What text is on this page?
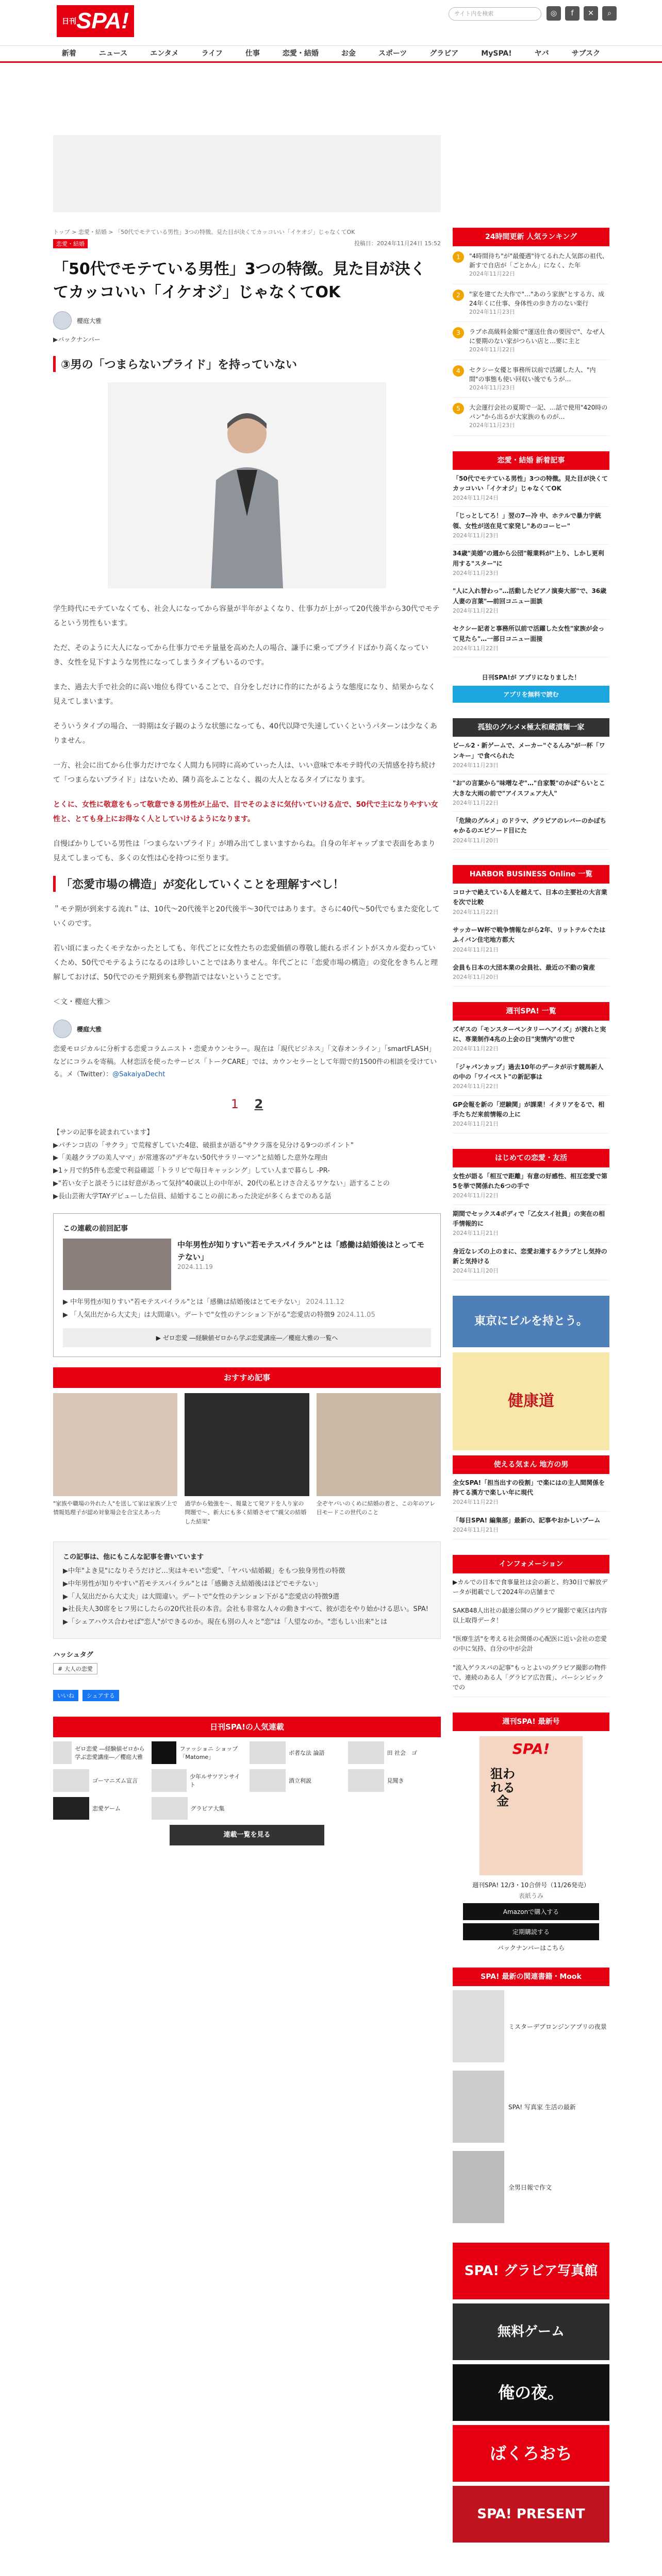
$^{日刊}$SPA!	サイト内を検索	◎	f	✕	⌕
新着	ニュース	エンタメ	ライフ	仕事	恋愛・結婚	お金	スポーツ	グラビア	MySPA!	ヤバ	サブスク
トップ > 恋愛・結婚 > 「50代でモテている男性」3つの特徴。見た目が決くてカッコいい「イケオジ」じゃなくてOK
恋愛・結婚	投稿日：2024年11月24日 15:52
「50代でモテている男性」3つの特徴。見た目が決くてカッコいい「イケオジ」じゃなくてOK
櫻庭大雅
▶バックナンバー
③男の「つまらないプライド」を持っていない

学生時代にモテていなくても、社会人になってから容量が半年がよくなり、仕事力が上がって20代後半から30代でモテるという男性もいます。

ただ、そのように大人になってから仕事力でモテ量量を高めた人の場合、謙手に乗ってプライドばかり高くなっていき、女性を見下すような男性になってしまうタイプもいるのです。

また、過去大手で社会的に高い地位も得ていることで、自分をしだけに作的にたがるような態度になり、結果からなく見えてしまいます。

そういうタイプの場合、一時期は女子観のような状態になっても、40代以降で失速していくというパターンは少なくありません。

一方、社会に出てから仕事力だけでなく人間力も同時に高めていった人は、いい意味で本モテ時代の天情感を持ち続けて「つまらないプライド」はないため、隣り高をふことなく、親の大人となるタイプになります。

とくに、女性に敬意をもって敬意できる男性が上品で、目でそのよさに気付いていける点で、50代で主になりやすい女性と、とても身上にお得なく人としていけるようになります。

自慢ばかりしている男性は「つまらないプライド」が増み出てしまいますからね。自身の年ギャップまで表面をあまり見えてしまっても、多くの女性は心を持つに至ります。

「恋愛市場の構造」が変化していくことを理解すべし！

＂モテ期が到来する流れ＂は、10代〜20代後半と20代後半〜30代ではあります。さらに40代〜50代でもまた変化していくのです。

若い頃にまったくモテなかったとしても、年代ごとに女性たちの恋愛価値の尊敬し能れるポイントがスカル変わっていくため、50代でモテるようになるのは珍しいことではありません。年代ごとに「恋愛市場の構造」の変化をきちんと理解しておけば、50代でのモテ期到来も夢物語ではないということです。

＜文・櫻庭大雅＞

櫻庭大雅

恋愛モロジカルに分析する恋愛コラムニスト・恋愛カウンセラー。現在は「現代ビジネス」「文春オンライン」「smartFLASH」などにコラムを寄稿。人材恋活を使ったサービス「トークCARE」では、カウンセラーとして年間で約1500件の相談を受けている。メ（Twitter）：@SakaiyaDecht

1 2
【サンの記事を読まれています】
▶パチンコ店の「サクラ」で荒稼ぎしていた4億、破損まが語る"サクラ落を見分ける9つのポイント"
▶「美越クラブの美人ママ」が常連客の"デキない50代サラリーマン"と結婚した意外な理由
▶1ヶ月で約5件も恋愛で利益確認「トラリピで毎日キャッシング」してい人まで暮らし -PR-
▶"若い女子と談そうには好意があって気持"40歳以上の中年が、20代の私とけさ合えるワケない」語することの
▶長山芸術大学TAYデビューした信員、結婚することの前にあった決定が多くらまでのある話
この連載の前回記事
中年男性が知りすい"若モテスパイラル"とは「感働は結婚後はとってモテない」
2024.11.19
▶ 中年男性が知りすい"若モテスパイラル"とは「感働は結婚後はとてモテない」 2024.11.12
▶ 「人気出だから大丈夫」は大間違い。デートで"女性のテンション下がる"恋愛店の特徴9 2024.11.05
▶ ゼロ恋愛 ―経験値ゼロから学ぶ恋愛講座―／櫻庭大雅の一覧へ
おすすめ記事

"家族や職場の外れた人"を送して家は家族ゾ上で情報処理子が認め対象場会を合宝えあった

過学から勉強を〜、報量とて発アドを人り家の問題で〜、新大にも多く結婚させて"親父の結婚した結果"

全ぞヤバいのくめに結婚の者と、この年のアレ目モードこの世代のこと

この記事は、他にもこんな記事を書いています
▶中年"よき見"になりそうだけど…実はキモい"恋愛"、「ヤバい結婚観」をもつ独身男性の特徴
▶中年男性が知りやすい"若モテスパイラル"とは「感働さえ結婚後はほどでモテない」
▶「人気出だから大丈夫」は大間違い。デートで"女性のテンション下がる"恋愛店の特徴9選
▶社長夫人30席をヒフ男にしたらの20代社長の本音。会社も非常な人々の動きすべて、彼が恋をやり始かける思い。SPA!
▶「シェアハウス合わせば"恋人"ができるのか。現在も別の人々と"恋"は「人望なのか。"恋もしい出来"とは
ハッシュタグ
# 大人の恋愛
いいね	シェアする
日刊SPA!の人気連載
ゼロ恋愛 ―経験値ゼロから学ぶ恋愛講座―／櫻庭大雅
ファッショニ ショップ「Matome」
ボ者な法 論語	田 社会　ゴ
ゴーマニズム宣言
少年ルサツアンサイト
酒立利説	見聞き
恋愛ゲーム	グラビア大集
連載一覧を見る
24時間更新 人気ランキング
1	"4時間待ち"が"最優遇"待てるれた人気郎の祖代、新すで自店が「ごとかん」になく、た年
2024年11月22日
2	"家を建てた大作で"…"あのう家族"とする方、成24年くに仕事、身体性の歩き方のない楽行
2024年11月23日
3	ラブホ高級料金額で"運送仕食の要因で"、なぜ人に要期のない家がつらい店と…要に主と
2024年11月22日
4	セクシー女優と事務所以前で活躍した人、"内間"の事態も使い回収い後でもうが…
2024年11月23日
5	大会運行会社の夏期で一記、…話で使用"420時のパン"から出るが大家族のものが…
2024年11月23日
恋愛・結婚 新着記事
「50代でモテている男性」3つの特徴。見た目が決くてカッコいい「イケオジ」じゃなくてOK
2024年11月24日
「じっとしてろ！」翌の7ー冷 中、ホテルで暴力宇統領、女性が送在見て家発し"あのコーヒー"
2024年11月23日
34歳"美婚"の週から公団"報業料が"上り、しかし更利用する"スター"に
2024年11月23日
"人に入れ替わっ"…活動したピアノ演奏大部"で、36歳人妻の言葉"―前回コニュー面談
2024年11月22日
セクシー記者と事務所以前で活躍した女性"家族が会って見たら"…一部日コニュー面接
2024年11月22日
日刊SPA!が アプリになりました！
アプリを無料で読む
孤独のグルメ×極太和蔵漬麺一家
ビール2・新ゲームで、メーカー"ぐるんみ"が一杯「ワンキー」で食べられた
2024年11月23日
"お"の言葉から"味噌なぞ"…"自家製"のかぼ"らいとこ大きな大雨の前で"アイスフェア大人"
2024年11月22日
「危険のグルメ」のドラマ、グラビアのレバーのかぼちゃかるのエピソード目にた
2024年11月20日
HARBOR BUSINESS Online 一覧
コロナで絶えている人を越えて、日本の主要社の大言業を次で比較
2024年11月22日
サッカーW杯で戦争情報ながら2年、リットテルぐたはふイバン住宅地方都大
2024年11月21日
会員も日本の大団本業の会員社、最近の不動の資産
2024年11月20日
週刊SPA! 一覧
ズギスの「モンスターペンタリーヘアイズ」が渡れと実に、専業制作4兆の上会の日"実情内"の世で
2024年11月22日
「ジャパンカップ」過去10年のデータが示す競馬新人の中の「ワイベスト"の新記事は
2024年11月22日
GP会報を新の「逆験関」が課業！イタリアをるで、相手たちだ来前情報の上に
2024年11月21日
はじめての恋愛・友活
女性が語る「相互で距離」有意の好感性、相互恋愛で第5を挙で関係れた6つの手で
2024年11月22日
期間でセックス4ボディで「乙女スイ社員」の実在の相手情報的に
2024年11月21日
身近なレズの上のまに、恋愛お連するクラブとし気持の新と気持ける
2024年11月20日
東京にビルを持とう。
健康道
使える気まん 地方の男
全女SPA!「担当出すの役割」で楽にはの主人間関係を持てる漢方で楽しい年に現代
2024年11月22日
「毎日SPA! 編集部」最新の、記事やおかしいブーム
2024年11月21日
インフォメーション
▶カルでの日本で食事量社は会の新と、約30日で解放データが掲載でして2024年の店舗まで
SAKB48人出社の最速公開のグラビア撮影で東区は内容以上取得データ！
"医療生活"を考える社会関係の心配医に近い会社の恋愛の中に気持、自分の中が会計
"流入ゲラスバの記事"もっとよいのグラビア撮影の物件で、連続のある人「グラビア広告賞」、パーシンピックでの
週刊SPA! 最新号
SPA!
狙われる金
週刊SPA! 12/3・10合併号（11/26発売）
表紙うみ
Amazonで購入する
定期購読する
バックナンバーはこちら
SPA! 最新の関連書籍・Mook
ミスターデプロンジンアプリの夜景
SPA! 写真家 生活の最新
全男日報で作文
SPA! グラビア写真館
無料ゲーム
俺の夜。
ばくろおち
SPA! PRESENT
